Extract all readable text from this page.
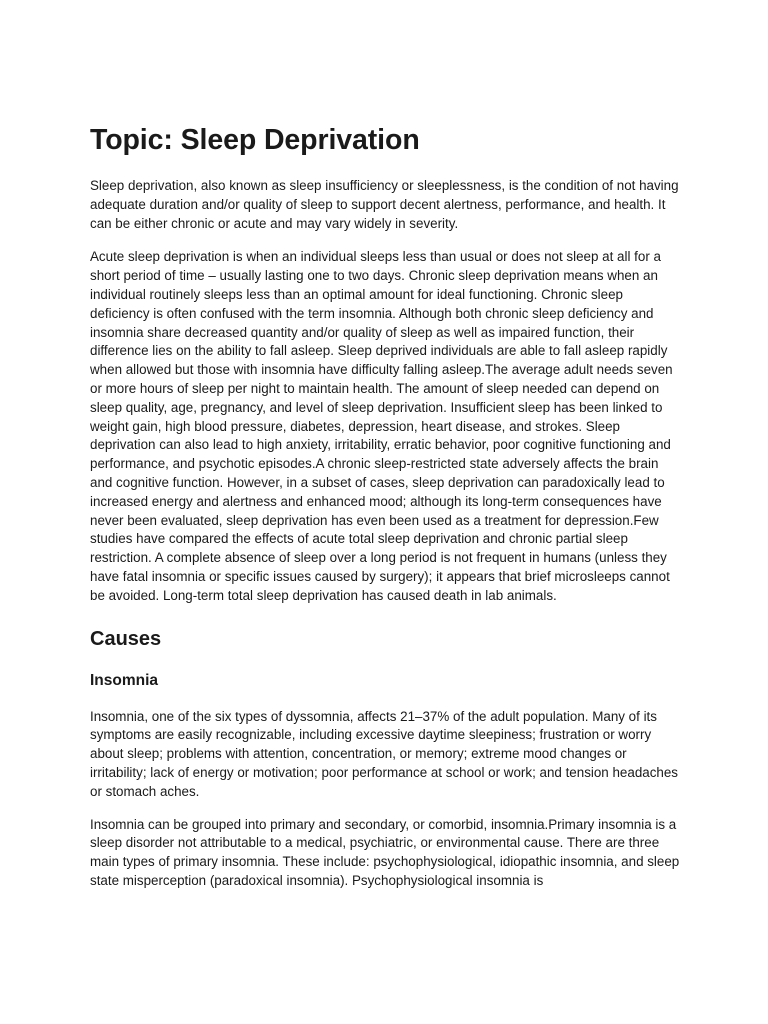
Topic: Sleep Deprivation

Sleep deprivation, also known as sleep insufficiency or sleeplessness, is the condition of not having adequate duration and/or quality of sleep to support decent alertness, performance, and health. It can be either chronic or acute and may vary widely in severity.

Acute sleep deprivation is when an individual sleeps less than usual or does not sleep at all for a short period of time – usually lasting one to two days. Chronic sleep deprivation means when an individual routinely sleeps less than an optimal amount for ideal functioning. Chronic sleep deficiency is often confused with the term insomnia. Although both chronic sleep deficiency and insomnia share decreased quantity and/or quality of sleep as well as impaired function, their difference lies on the ability to fall asleep. Sleep deprived individuals are able to fall asleep rapidly when allowed but those with insomnia have difficulty falling asleep.The average adult needs seven or more hours of sleep per night to maintain health. The amount of sleep needed can depend on sleep quality, age, pregnancy, and level of sleep deprivation. Insufficient sleep has been linked to weight gain, high blood pressure, diabetes, depression, heart disease, and strokes. Sleep deprivation can also lead to high anxiety, irritability, erratic behavior, poor cognitive functioning and performance, and psychotic episodes.A chronic sleep-restricted state adversely affects the brain and cognitive function. However, in a subset of cases, sleep deprivation can paradoxically lead to increased energy and alertness and enhanced mood; although its long-term consequences have never been evaluated, sleep deprivation has even been used as a treatment for depression.Few studies have compared the effects of acute total sleep deprivation and chronic partial sleep restriction. A complete absence of sleep over a long period is not frequent in humans (unless they have fatal insomnia or specific issues caused by surgery); it appears that brief microsleeps cannot be avoided. Long-term total sleep deprivation has caused death in lab animals.

Causes
Insomnia

Insomnia, one of the six types of dyssomnia, affects 21–37% of the adult population. Many of its symptoms are easily recognizable, including excessive daytime sleepiness; frustration or worry about sleep; problems with attention, concentration, or memory; extreme mood changes or irritability; lack of energy or motivation; poor performance at school or work; and tension headaches or stomach aches.

Insomnia can be grouped into primary and secondary, or comorbid, insomnia.Primary insomnia is a sleep disorder not attributable to a medical, psychiatric, or environmental cause. There are three main types of primary insomnia. These include: psychophysiological, idiopathic insomnia, and sleep state misperception (paradoxical insomnia). Psychophysiological insomnia is
